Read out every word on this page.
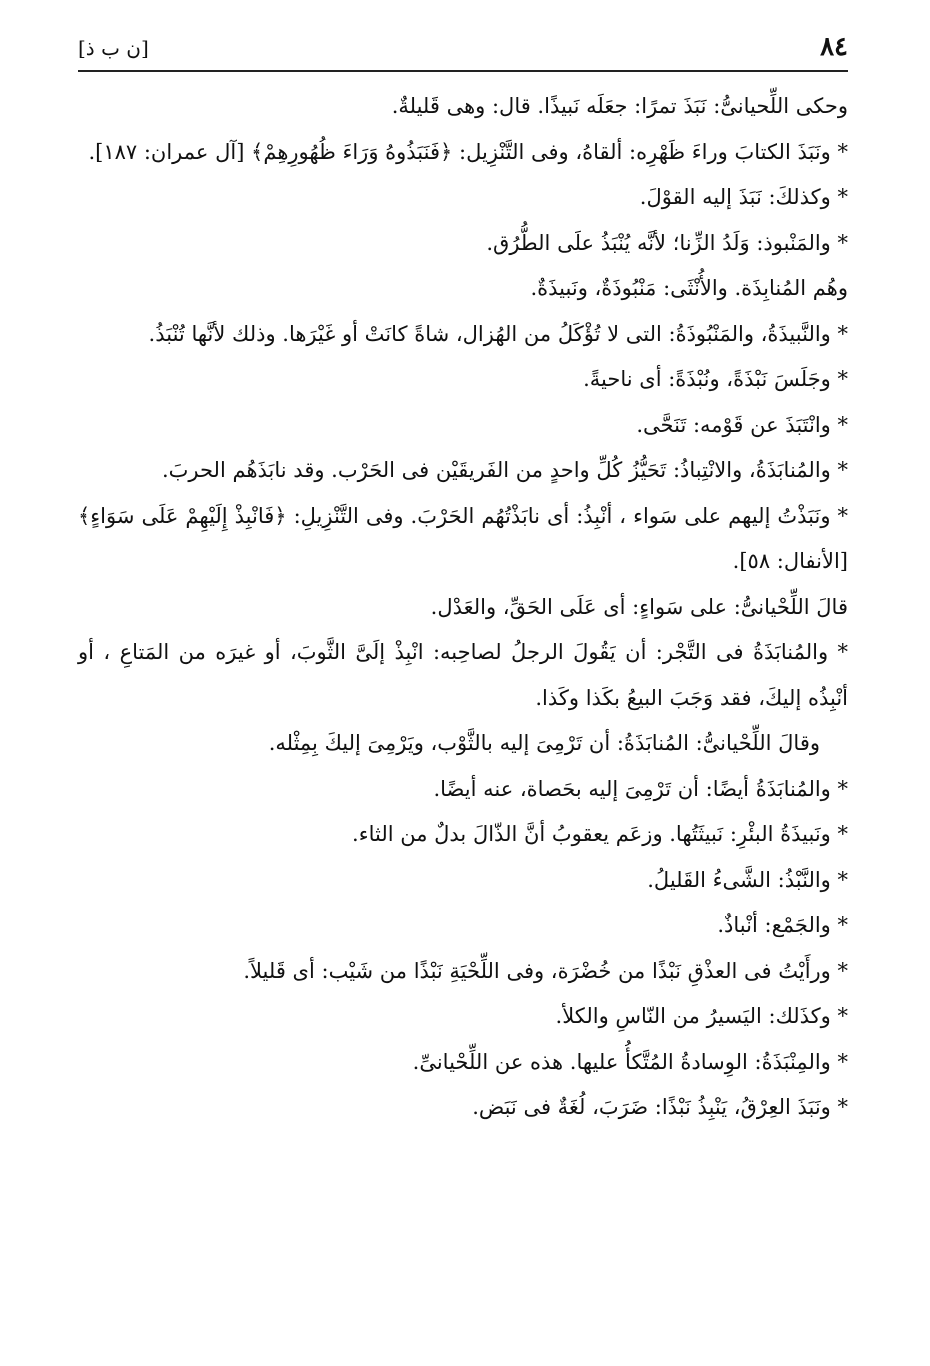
٨٤
[ن ب ذ]

وحكى اللِّحيانىُّ: نَبَذَ تمرًا: جعَلَه نَبيذًا. قال: وهى قَليلةٌ.

* ونَبَذَ الكتابَ وراءَ ظَهْرِه: ألقاهُ، وفى التَّنْزِيل: ﴿فَنَبَذُوهُ وَرَاءَ ظُهُورِهِمْ﴾ [آل عمران: ١٨٧].

* وكذلكَ: نَبَذَ إليه القوْلَ.

* والمَنْبوذ: وَلَدُ الزِّنا؛ لأنَّه يُنْبَذُ علَى الطُّرُق.

وهُم المُنابِذَة. والأُنْثَى: مَنْبُوذَةٌ، ونَبيذَةٌ.

* والنَّبيذَةُ، والمَنْبُوذَةُ: التى لا تُؤْكَلُ من الهُزال، شاةً كانَتْ أو غَيْرَها. وذلك لأنَّها تُنْبَذُ.

* وجَلَسَ نَبْذَةً، ونُبْذَةً: أى ناحيةً.

* وانْتَبَذَ عن قَوْمه: تَنَحَّى.

* والمُنابَذَةُ، والانْتِباذُ: تَحَيُّزُ كُلِّ واحدٍ من الفَريقَيْن فى الحَرْب. وقد نابَذَهُم الحربَ.

* ونَبَذْتُ إليهم على سَواء ، أنْبِذُ: أى نابَذْتُهُم الحَرْبَ. وفى التَّنْزِيلِ: ﴿فَانْبِذْ إِلَيْهِمْ عَلَى سَوَاءٍ﴾ [الأنفال: ٥٨].

قالَ اللِّحْيانىُّ: على سَواءٍ: أى عَلَى الحَقِّ، والعَدْل.

* والمُنابَذَةُ فى التَّجْر: أن يَقُولَ الرجلُ لصاحِبه: انْبِذْ إلَىَّ الثَّوبَ، أو غيرَه من المَتاعِ ، أو أنْبِذُه إليكَ، فقد وَجَبَ البيعُ بكَذا وكَذا.

وقالَ اللِّحْيانىُّ: المُنابَذَةُ: أن تَرْمِىَ إليه بالثَّوْب، ويَرْمِىَ إليكَ بِمِثْله.

* والمُنابَذَةُ أيضًا: أن تَرْمِىَ إليه بحَصاة، عنه أيضًا.

* ونَبيذَةُ البئْرِ: نَبيثَتُها. وزعَم يعقوبُ أنَّ الذّالَ بدلٌ من الثاء.

* والنَّبْذُ: الشَّىءُ القَليلُ.

* والجَمْع: أنْباذٌ.

* ورأَيْتُ فى العذْقِ نَبْذًا من خُضْرَة، وفى اللِّحْيَةِ نَبْذًا من شَيْب: أى قَليلاً.

* وكذَلك: اليَسيرُ من النّاسِ والكلأ.

* والمِنْبَذَةُ: الوِسادةُ المُتَّكأُ عليها. هذه عن اللِّحْيانىِّ.

* ونَبَذَ العِرْقُ، يَنْبِذُ نَبْذًا: ضَرَبَ، لُغَةٌ فى نَبَض.
